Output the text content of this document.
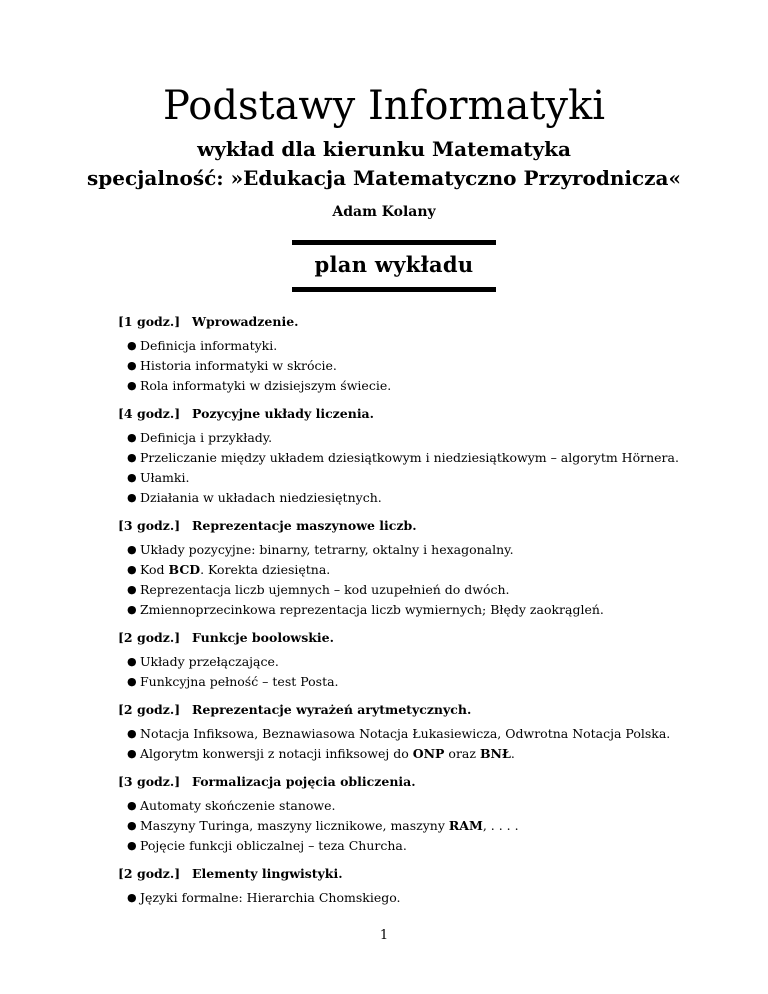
Podstawy Informatyki
wykład dla kierunku Matematyka
specjalność: »Edukacja Matematyczno Przyrodnicza«
Adam Kolany
plan wykładu
[1 godz.] Wprowadzenie.
● Definicja informatyki.
● Historia informatyki w skrócie.
● Rola informatyki w dzisiejszym świecie.
[4 godz.] Pozycyjne układy liczenia.
● Definicja i przykłady.
● Przeliczanie między układem dziesiątkowym i niedziesiątkowym – algorytm Hörnera.
● Ułamki.
● Działania w układach niedziesiętnych.
[3 godz.] Reprezentacje maszynowe liczb.
● Układy pozycyjne: binarny, tetrarny, oktalny i hexagonalny.
● Kod BCD. Korekta dziesiętna.
● Reprezentacja liczb ujemnych – kod uzupełnień do dwóch.
● Zmiennoprzecinkowa reprezentacja liczb wymiernych; Błędy zaokrągleń.
[2 godz.] Funkcje boolowskie.
● Układy przełączające.
● Funkcyjna pełność – test Posta.
[2 godz.] Reprezentacje wyrażeń arytmetycznych.
● Notacja Infiksowa, Beznawiasowa Notacja Łukasiewicza, Odwrotna Notacja Polska.
● Algorytm konwersji z notacji infiksowej do ONP oraz BNŁ.
[3 godz.] Formalizacja pojęcia obliczenia.
● Automaty skończenie stanowe.
● Maszyny Turinga, maszyny licznikowe, maszyny RAM, . . . .
● Pojęcie funkcji obliczalnej – teza Churcha.
[2 godz.] Elementy lingwistyki.
● Języki formalne: Hierarchia Chomskiego.
1
